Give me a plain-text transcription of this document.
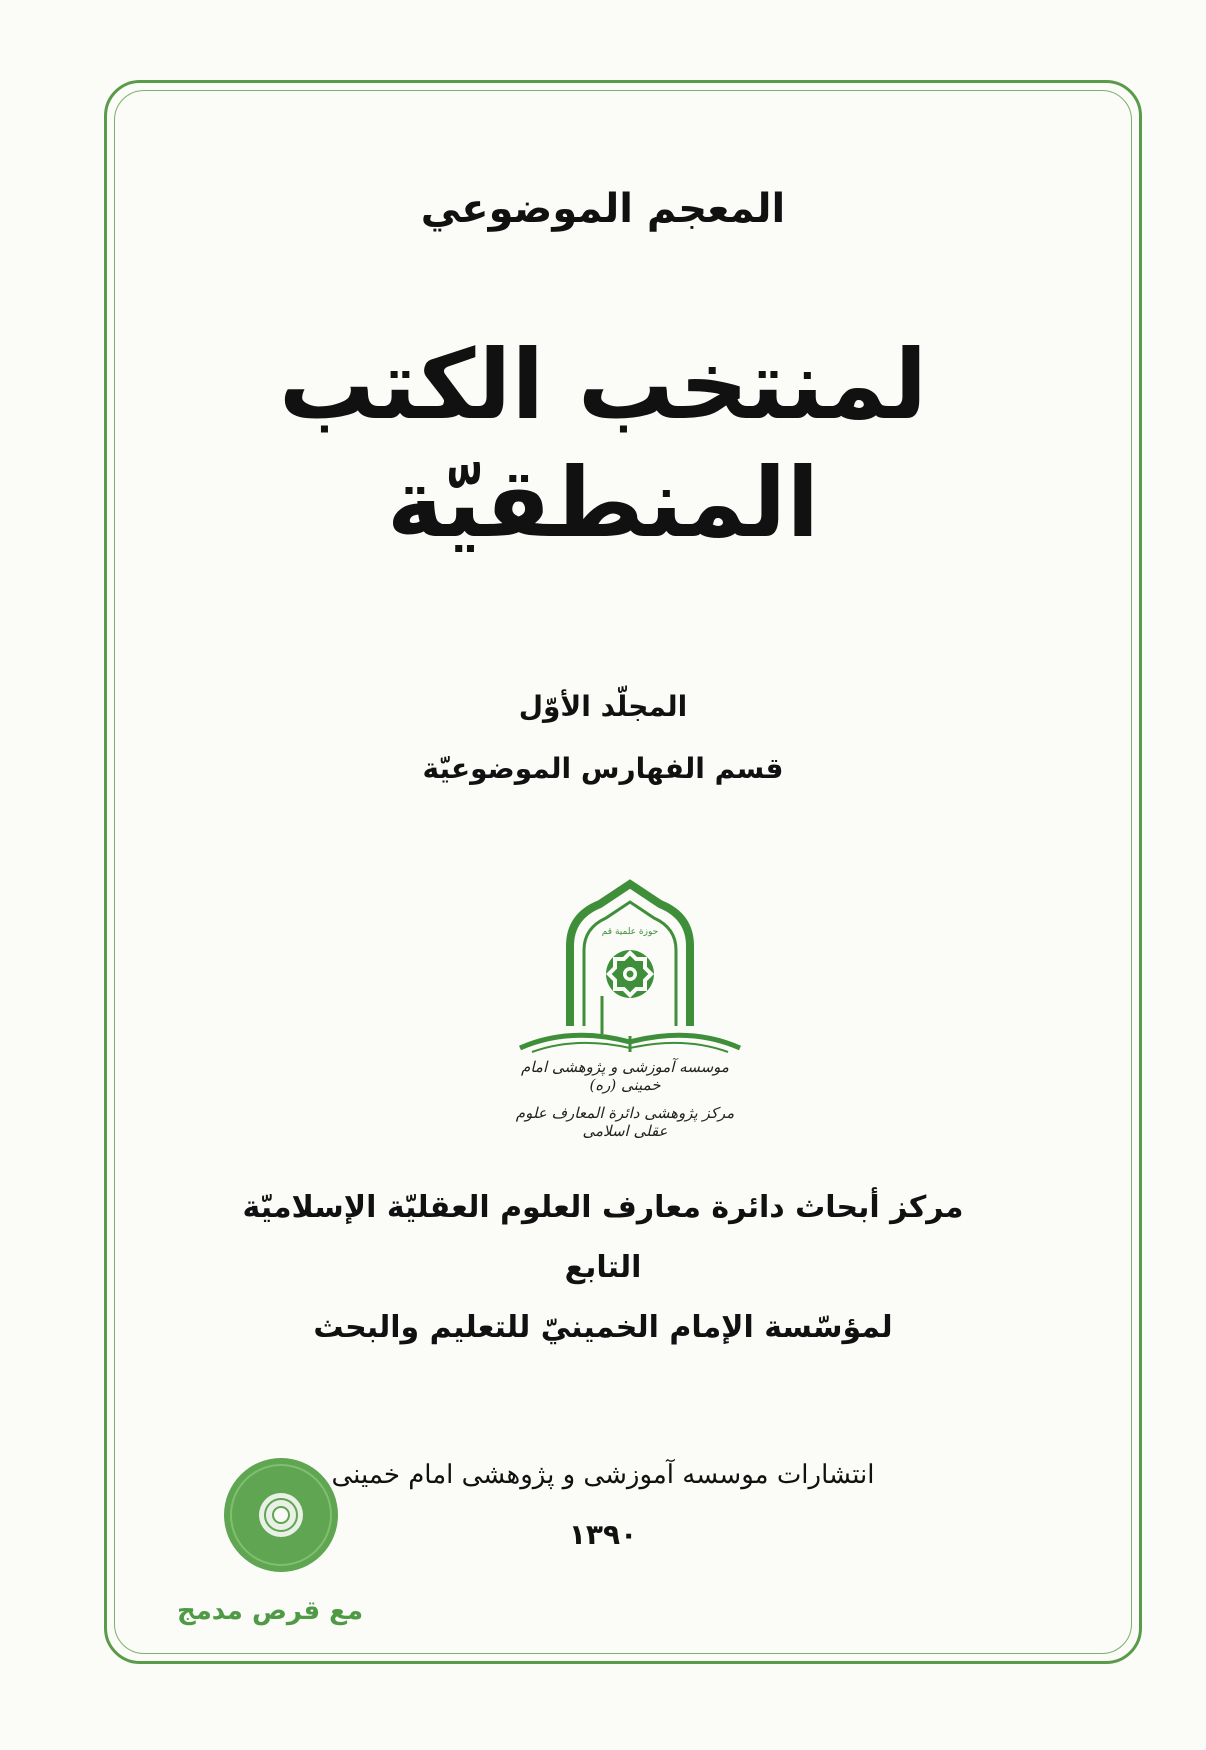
المعجم الموضوعي
لمنتخب الكتب
المنطقيّة
المجلّد الأوّل
قسم الفهارس الموضوعيّة
حوزة علمية قم
موسسه آموزشی و پژوهشی امام خمینی (ره)
مرکز پژوهشی دائرة المعارف علوم عقلی اسلامی
مركز أبحاث دائرة معارف العلوم العقليّة الإسلاميّة
التابع
لمؤسّسة الإمام الخمينيّ للتعليم والبحث
انتشارات موسسه آموزشی و پژوهشی امام خمینی
١٣٩٠
مع قرص مدمج
